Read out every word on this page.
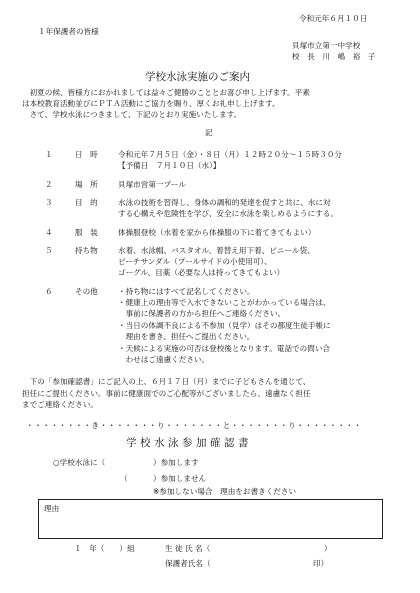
１年保護者の皆様
令和元年６月１０日
貝塚市立第一中学校
校　長　川　嶋　裕　子
学校水泳実施のご案内
　初夏の候、皆様方におかれましては益々ご健勝のこととお喜び申し上げます。平素
は本校教育活動並びにＰＴＡ活動にご協力を賜り、厚くお礼申し上げます。
　さて、学校水泳につきまして、下記のとおり実施いたします。
記
１	日　時	令和元年７月５日（金）・８日（月）１２時２０分～１５時３０分
【予備日　７月１０日（水）】
２	場　所	貝塚市営第一プール
３	目　的	水泳の技術を習得し、身体の調和的発達を促すと共に、水に対
する心構えや危険性を学び、安全に水泳を楽しめるようにする。
４	服　装	体操服登校（水着を家から体操服の下に着てきてもよい）
５	持ち物	水着、水泳帽、バスタオル、着替え用下着、ビニール袋、
ビーチサンダル（プールサイドの小使用可）、
ゴーグル、目薬（必要な人は持ってきてもよい）
６	その他	・持ち物にはすべて記名してください。
・健康上の理由等で入水できないことがわかっている場合は、
　事前に保護者の方から担任へご連絡ください。
・当日の体調不良による不参加（見学）はその都度生徒手帳に
　理由を書き、担任へご提出ください。
・天候による実施の可否は登校後となります。電話での問い合
　わせはご遠慮ください。
　下の「参加確認書」にご記入の上、６月１７日（月）までに子どもさんを通じて、
担任にご提出ください。事前に健康面でのご心配等がございましたら、遠慮なく担任
までご連絡ください。
・・・・・・・・き・・・・・・・り・・・・・・・と・・・・・・・り・・・・・・・・
学校水泳参加確認書
○学校水泳に（	）参加します
（	）参加しません
※参加しない場合　理由をお書きください
理由
１　年（　　）組	生 徒 氏 名（	）
保護者氏名（	印）
